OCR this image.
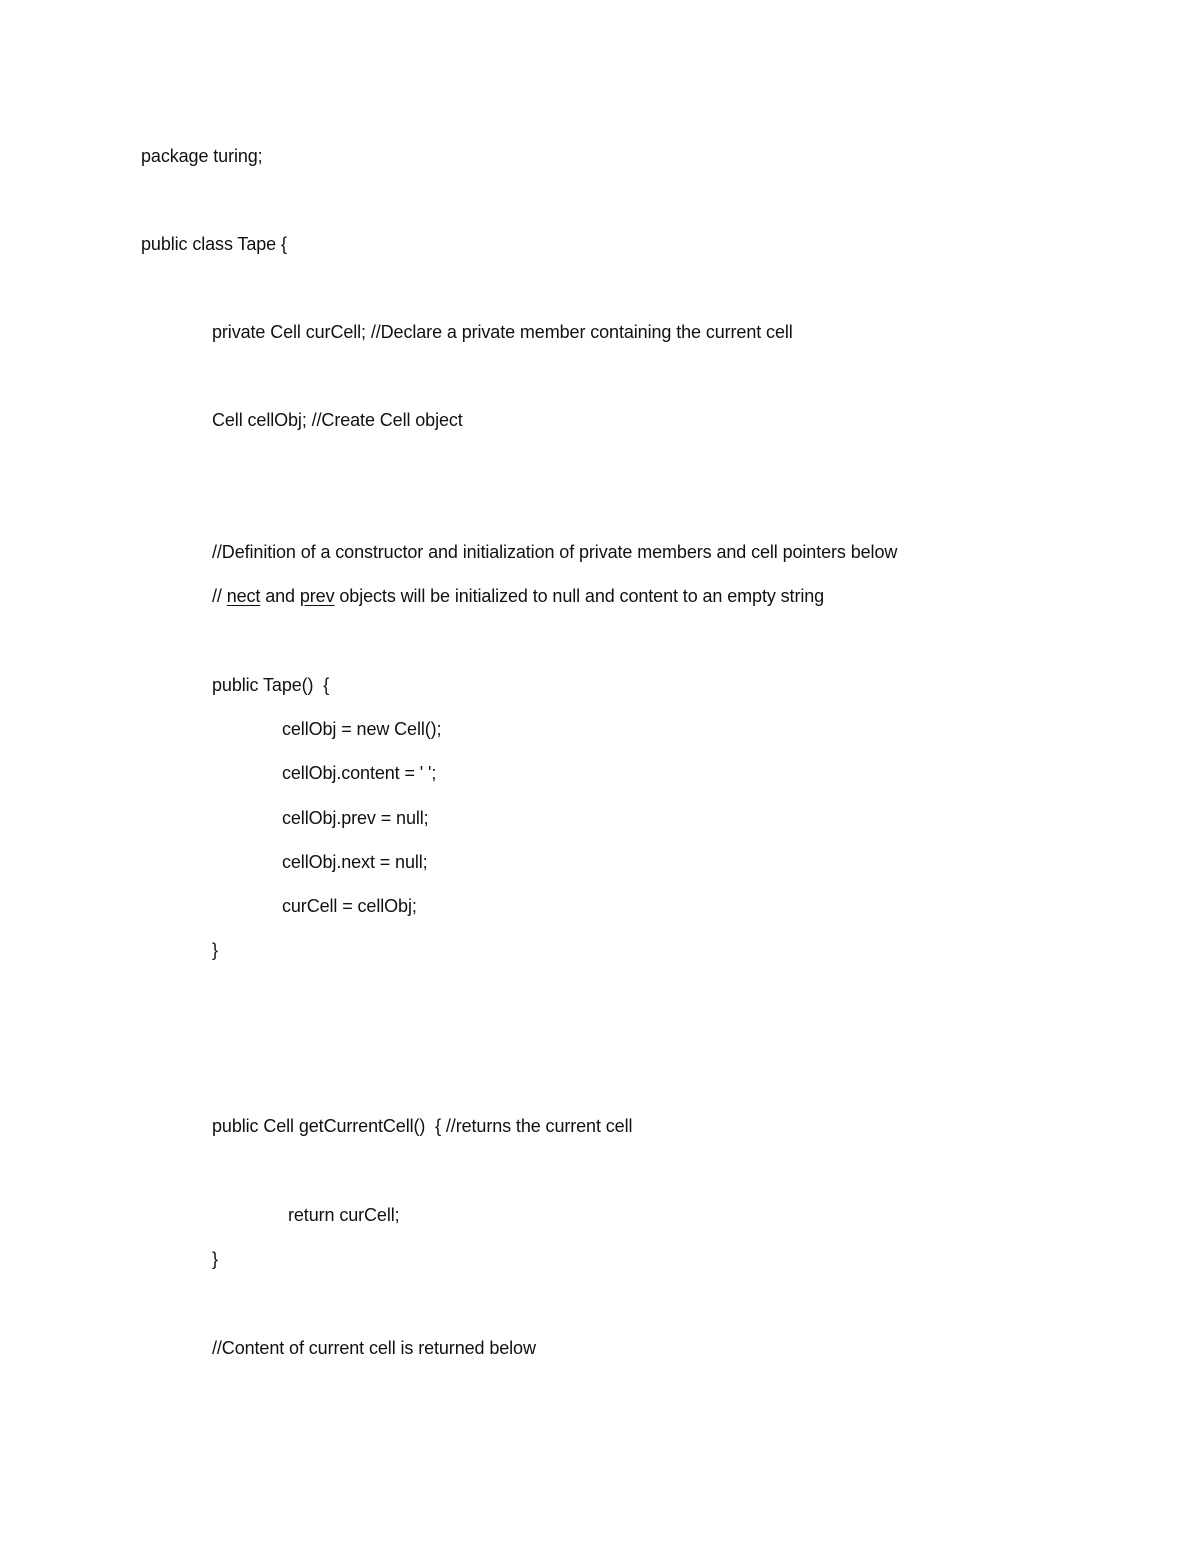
package turing;
public class Tape {
private Cell curCell; //Declare a private member containing the current cell
Cell cellObj; //Create Cell object
//Definition of a constructor and initialization of private members and cell pointers below
// nect and prev objects will be initialized to null and content to an empty string
public Tape()  {
cellObj = new Cell();
cellObj.content = ' ';
cellObj.prev = null;
cellObj.next = null;
curCell = cellObj;
}
public Cell getCurrentCell()  { //returns the current cell
return curCell;
}
//Content of current cell is returned below
